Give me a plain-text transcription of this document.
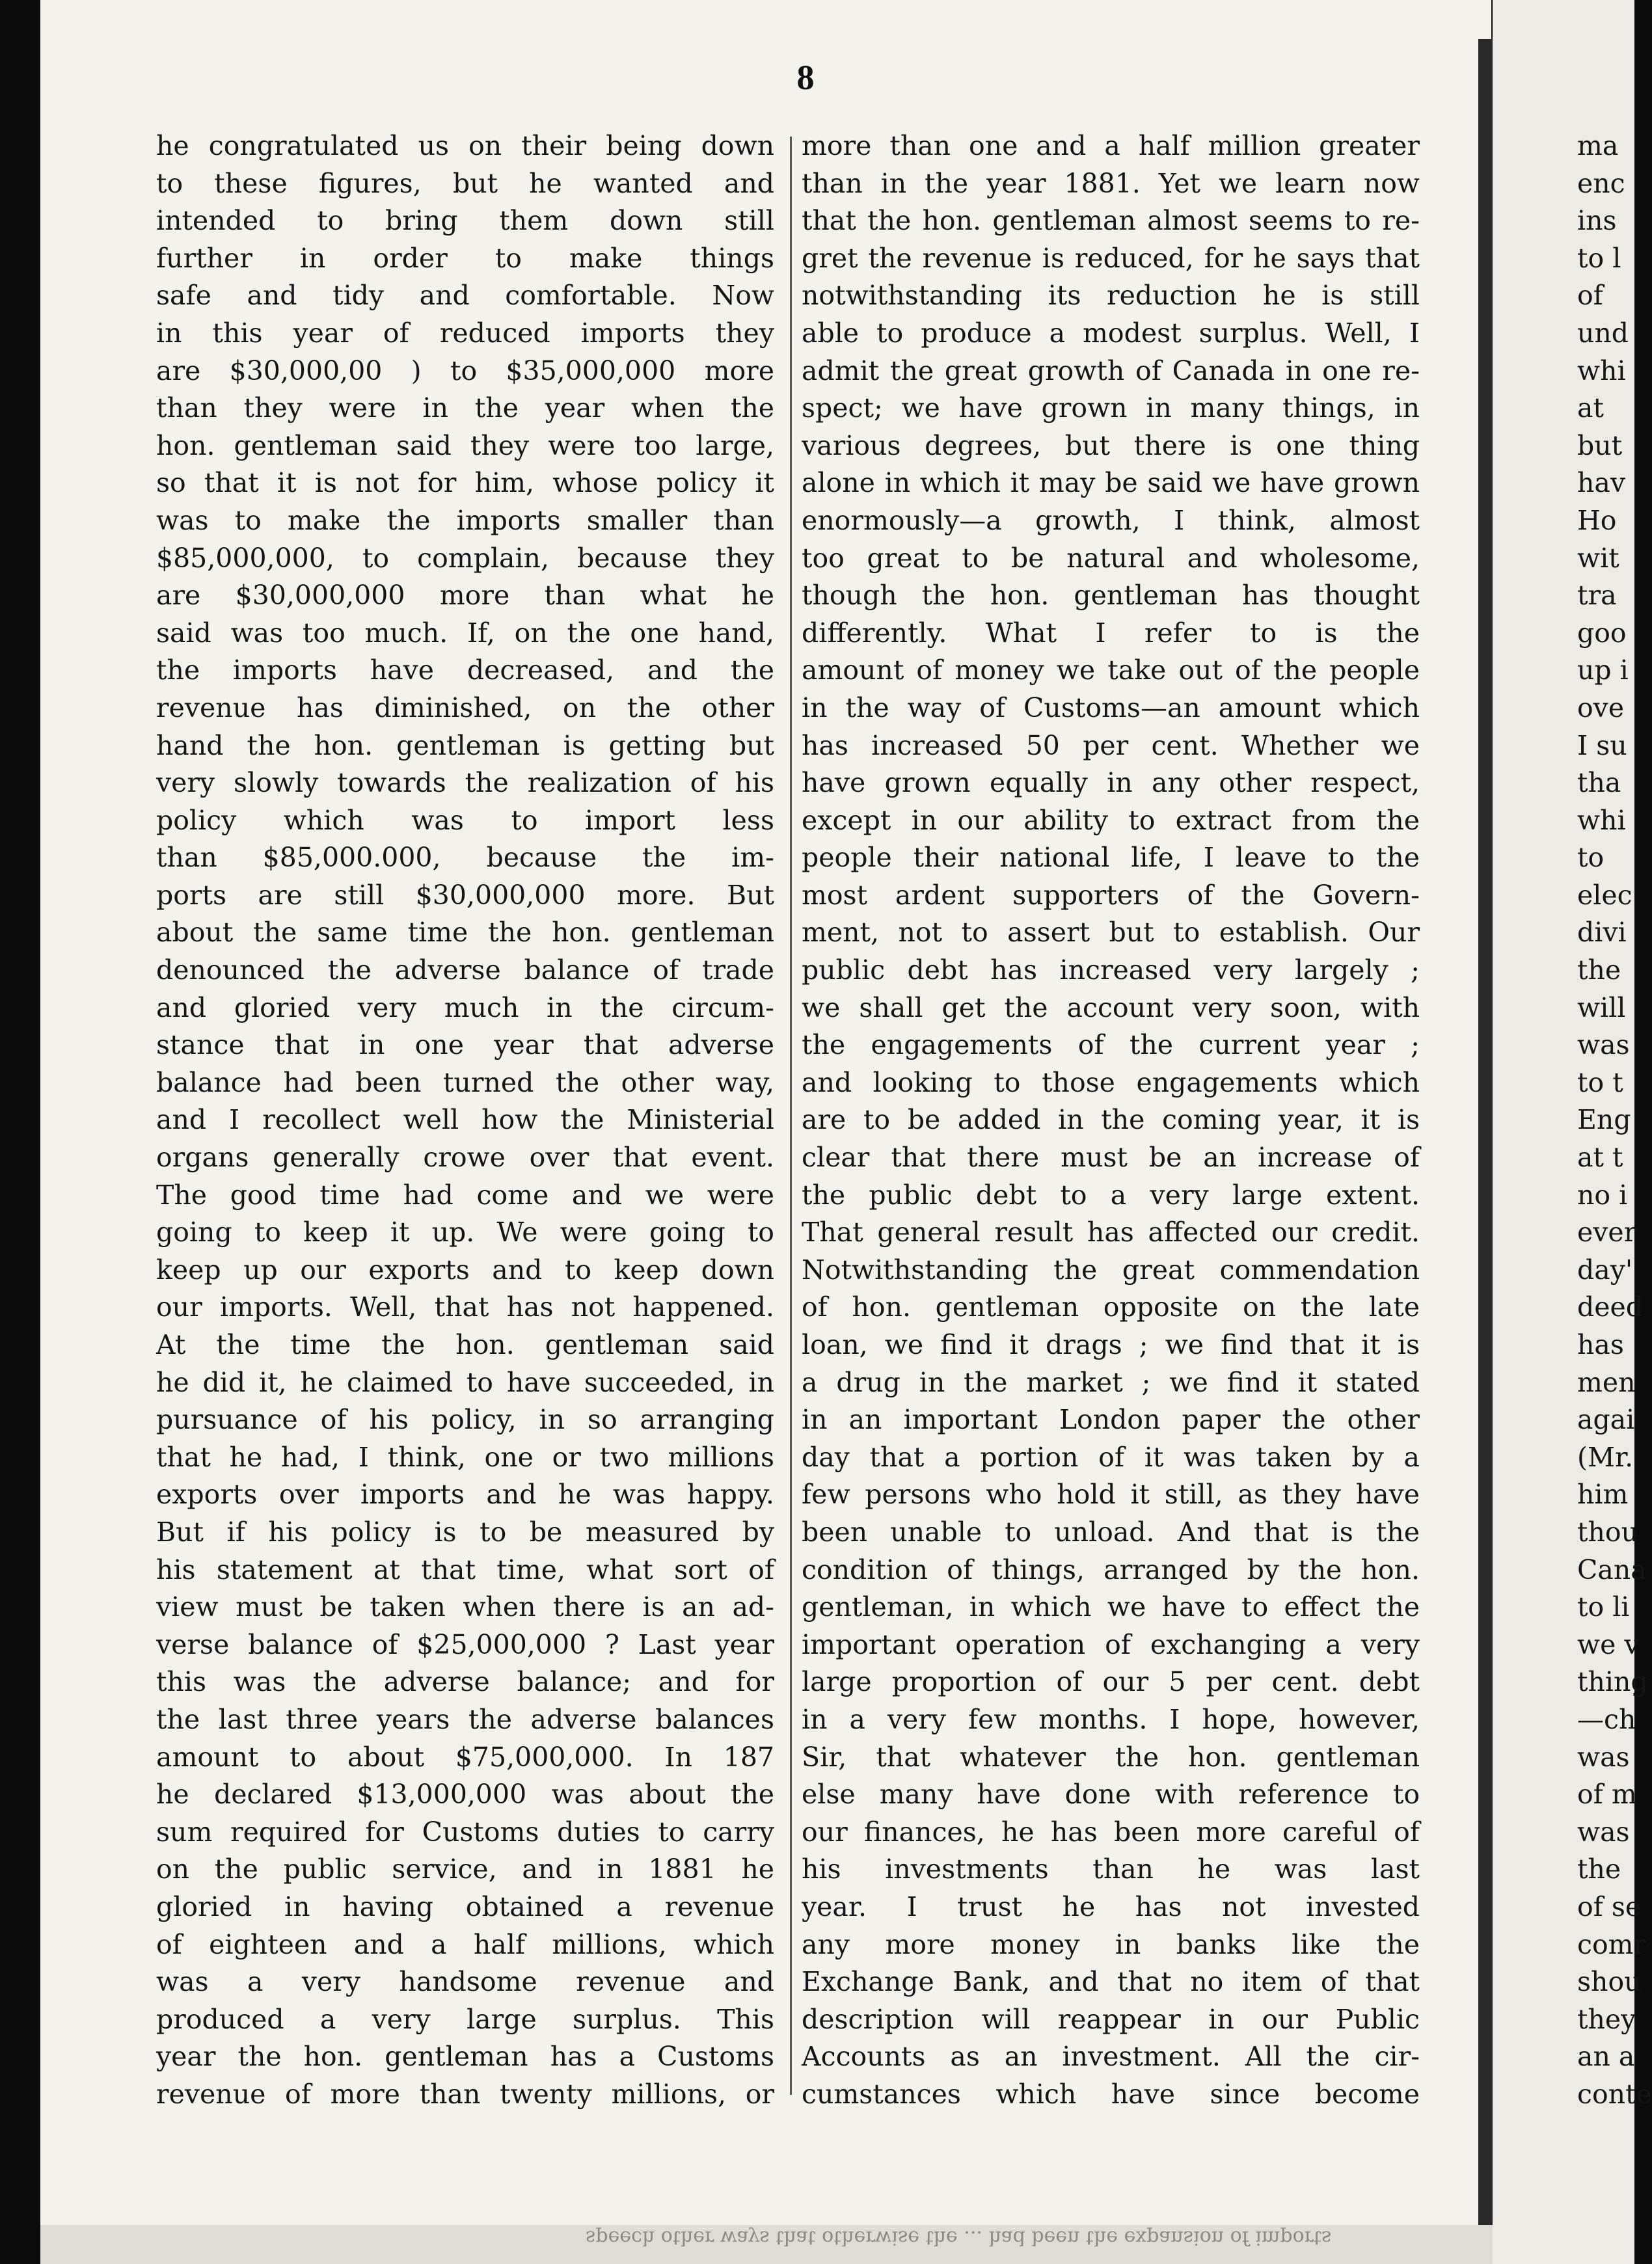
ma
enc
ins
to l
of
und
whi
at
but
hav
Ho
wit
tra
goo
up i
ove
I su
tha
whi
to
elec
divi
the
will
was
to t
Eng
at t
no i
ever
day'
deed
has
men
agai
(Mr.
him
thou
Cana
to li
we v
thing
—ch
was
of m
was
the
of se
comr
shou
they
an a
conte
8
he congratulated us on their being down
to these figures, but he wanted and
intended to bring them down still
further in order to make things
safe and tidy and comfortable. Now
in this year of reduced imports they
are $30,000,00 ) to $35,000,000 more
than they were in the year when the
hon. gentleman said they were too large,
so that it is not for him, whose policy it
was to make the imports smaller than
$85,000,000, to complain, because they
are $30,000,000 more than what he
said was too much. If, on the one hand,
the imports have decreased, and the
revenue has diminished, on the other
hand the hon. gentleman is getting but
very slowly towards the realization of his
policy which was to import less
than $85,000.000, because the im-
ports are still $30,000,000 more. But
about the same time the hon. gentleman
denounced the adverse balance of trade
and gloried very much in the circum-
stance that in one year that adverse
balance had been turned the other way,
and I recollect well how the Ministerial
organs generally crowe over that event.
The good time had come and we were
going to keep it up. We were going to
keep up our exports and to keep down
our imports. Well, that has not happened.
At the time the hon. gentleman said
he did it, he claimed to have succeeded, in
pursuance of his policy, in so arranging
that he had, I think, one or two millions
exports over imports and he was happy.
But if his policy is to be measured by
his statement at that time, what sort of
view must be taken when there is an ad-
verse balance of $25,000,000 ? Last year
this was the adverse balance; and for
the last three years the adverse balances
amount to about $75,000,000. In 187
he declared $13,000,000 was about the
sum required for Customs duties to carry
on the public service, and in 1881 he
gloried in having obtained a revenue
of eighteen and a half millions, which
was a very handsome revenue and
produced a very large surplus. This
year the hon. gentleman has a Customs
revenue of more than twenty millions, or
more than one and a half million greater
than in the year 1881. Yet we learn now
that the hon. gentleman almost seems to re-
gret the revenue is reduced, for he says that
notwithstanding its reduction he is still
able to produce a modest surplus. Well, I
admit the great growth of Canada in one re-
spect; we have grown in many things, in
various degrees, but there is one thing
alone in which it may be said we have grown
enormously—a growth, I think, almost
too great to be natural and wholesome,
though the hon. gentleman has thought
differently. What I refer to is the
amount of money we take out of the people
in the way of Customs—an amount which
has increased 50 per cent. Whether we
have grown equally in any other respect,
except in our ability to extract from the
people their national life, I leave to the
most ardent supporters of the Govern-
ment, not to assert but to establish. Our
public debt has increased very largely ;
we shall get the account very soon, with
the engagements of the current year ;
and looking to those engagements which
are to be added in the coming year, it is
clear that there must be an increase of
the public debt to a very large extent.
That general result has affected our credit.
Notwithstanding the great commendation
of hon. gentleman opposite on the late
loan, we find it drags ; we find that it is
a drug in the market ; we find it stated
in an important London paper the other
day that a portion of it was taken by a
few persons who hold it still, as they have
been unable to unload. And that is the
condition of things, arranged by the hon.
gentleman, in which we have to effect the
important operation of exchanging a very
large proportion of our 5 per cent. debt
in a very few months. I hope, however,
Sir, that whatever the hon. gentleman
else many have done with reference to
our finances, he has been more careful of
his investments than he was last
year. I trust he has not invested
any more money in banks like the
Exchange Bank, and that no item of that
description will reappear in our Public
Accounts as an investment. All the cir-
cumstances which have since become
speech other ways that otherwise the ... had been the expansion of imports
